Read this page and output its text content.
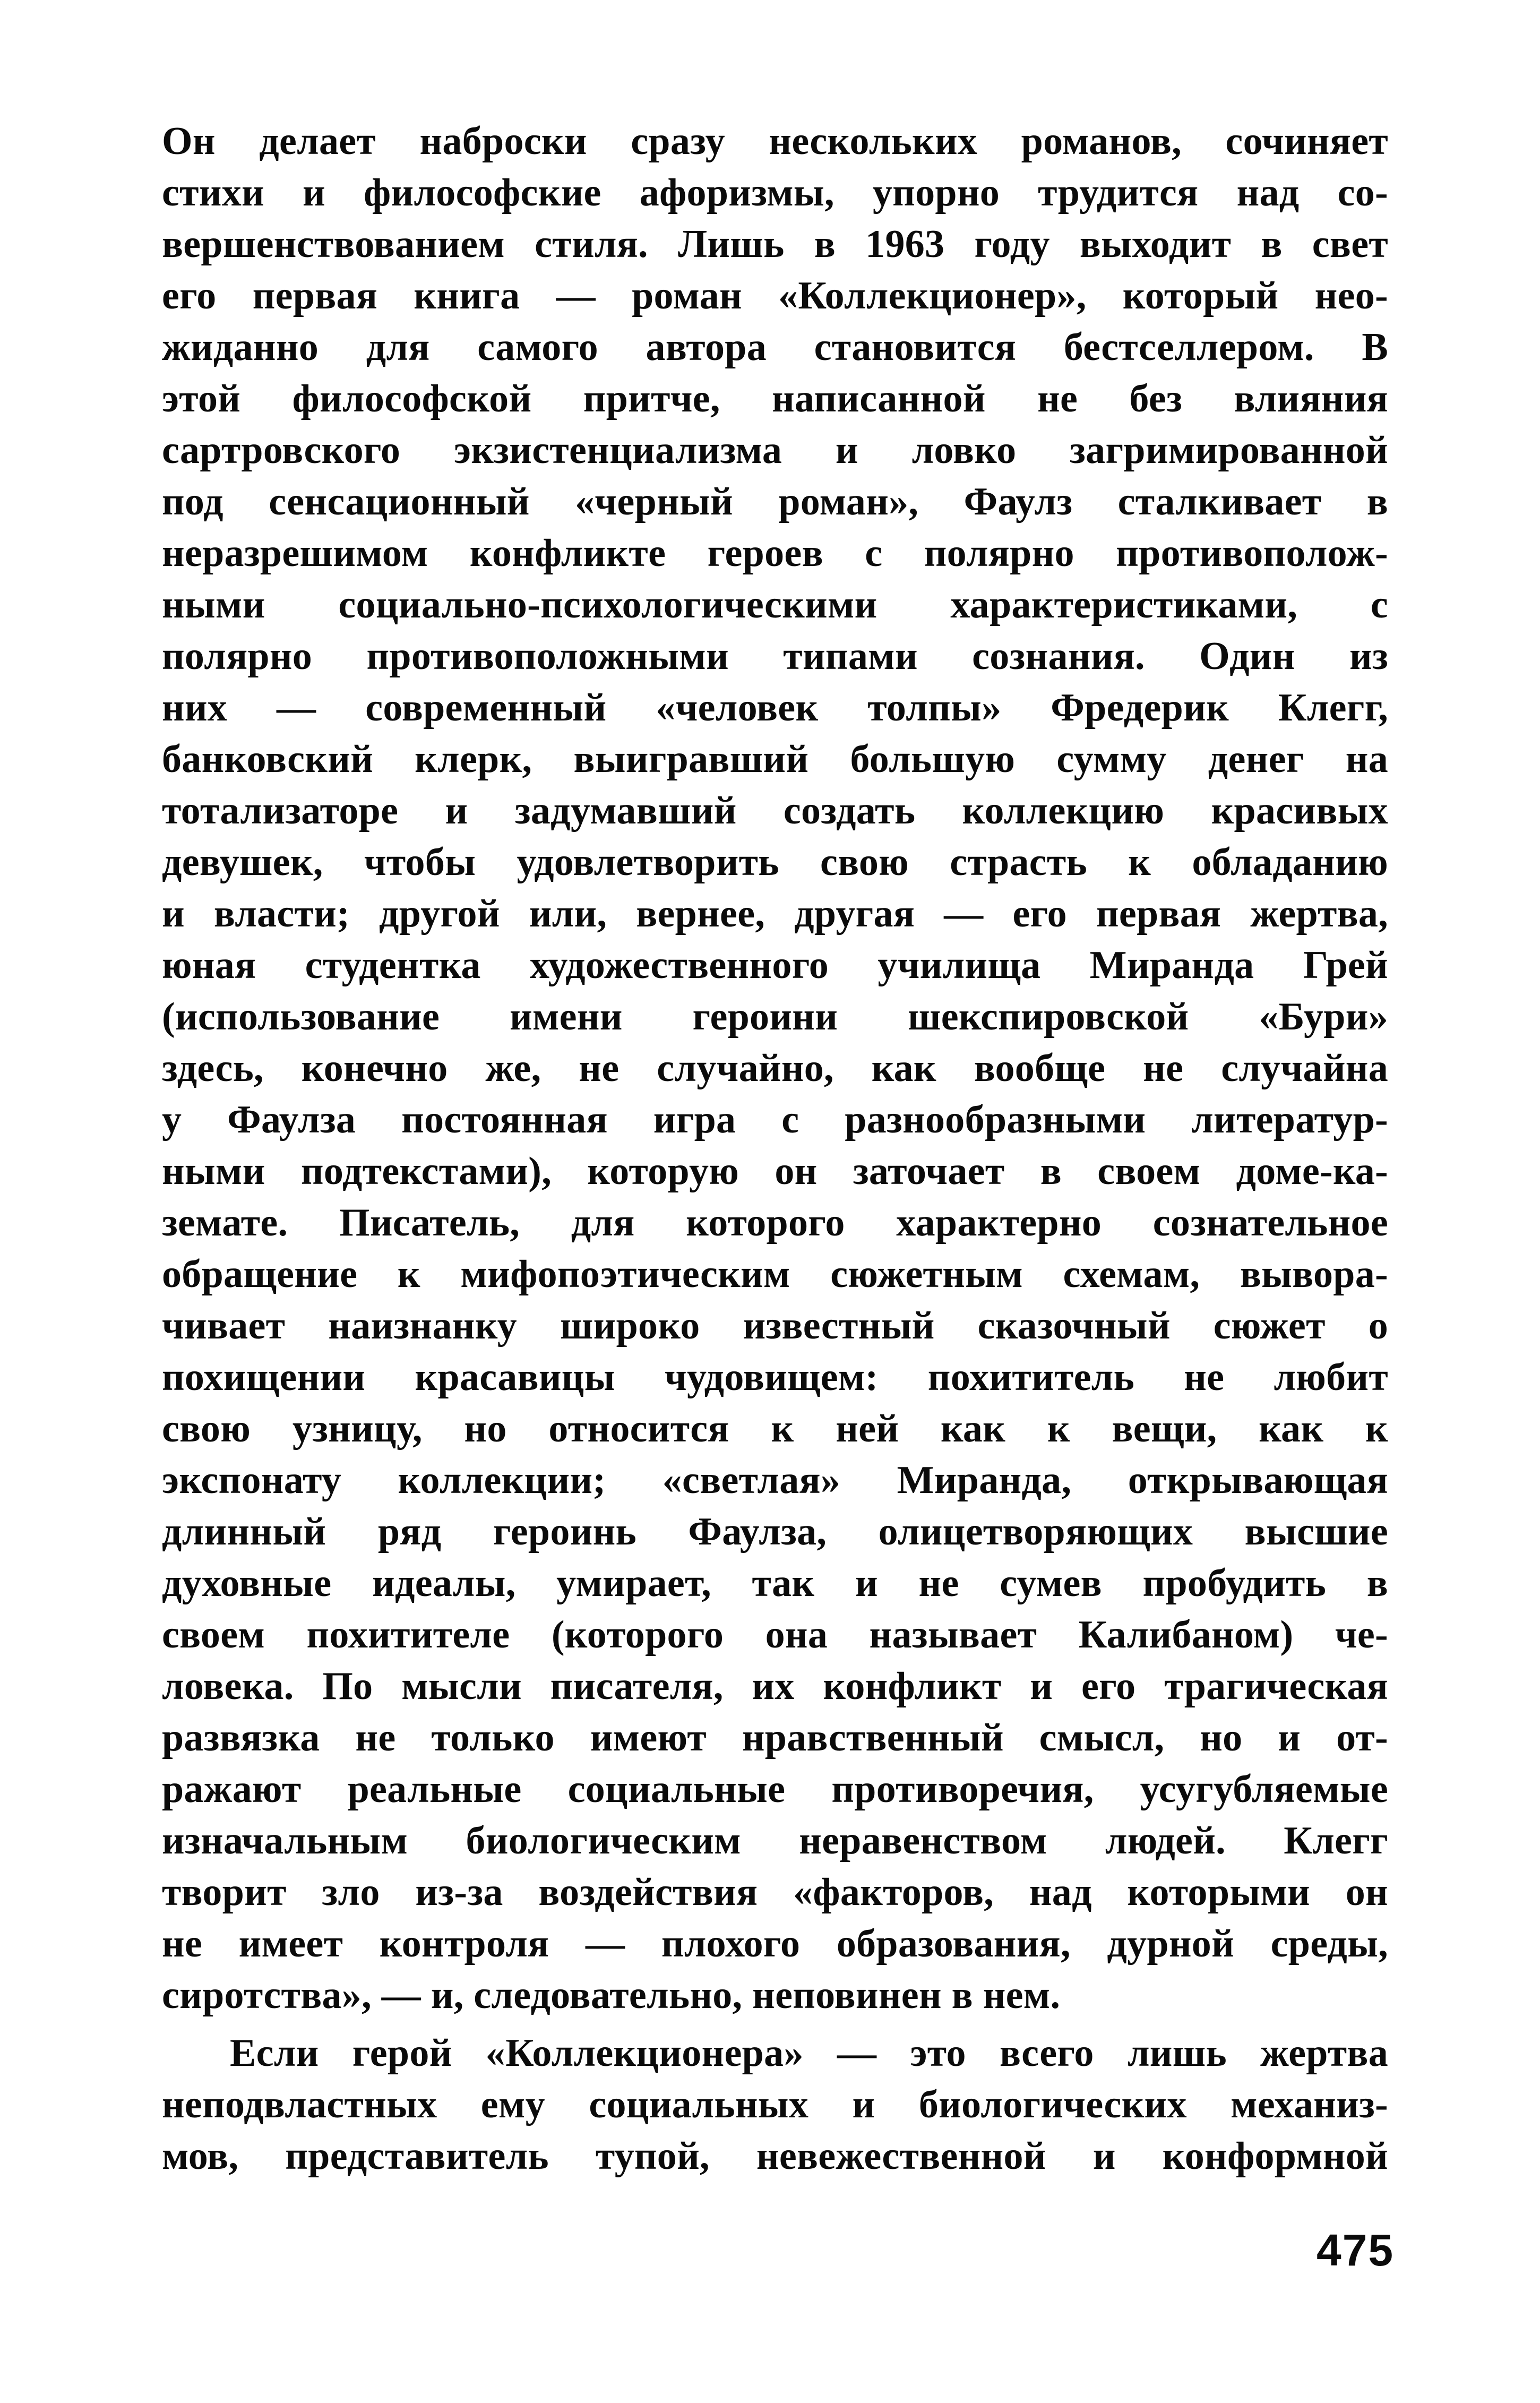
Он делает наброски сразу нескольких романов, сочиняет
стихи и философские афоризмы, упорно трудится над со-
вершенствованием стиля. Лишь в 1963 году выходит в свет
его первая книга — роман «Коллекционер», который нео-
жиданно для самого автора становится бестселлером. В
этой философской притче, написанной не без влияния
сартровского экзистенциализма и ловко загримированной
под сенсационный «черный роман», Фаулз сталкивает в
неразрешимом конфликте героев с полярно противополож-
ными социально-психологическими характеристиками, с
полярно противоположными типами сознания. Один из
них — современный «человек толпы» Фредерик Клегг,
банковский клерк, выигравший большую сумму денег на
тотализаторе и задумавший создать коллекцию красивых
девушек, чтобы удовлетворить свою страсть к обладанию
и власти; другой или, вернее, другая — его первая жертва,
юная студентка художественного училища Миранда Грей
(использование имени героини шекспировской «Бури»
здесь, конечно же, не случайно, как вообще не случайна
у Фаулза постоянная игра с разнообразными литератур-
ными подтекстами), которую он заточает в своем доме-ка-
земате. Писатель, для которого характерно сознательное
обращение к мифопоэтическим сюжетным схемам, вывора-
чивает наизнанку широко известный сказочный сюжет о
похищении красавицы чудовищем: похититель не любит
свою узницу, но относится к ней как к вещи, как к
экспонату коллекции; «светлая» Миранда, открывающая
длинный ряд героинь Фаулза, олицетворяющих высшие
духовные идеалы, умирает, так и не сумев пробудить в
своем похитителе (которого она называет Калибаном) че-
ловека. По мысли писателя, их конфликт и его трагическая
развязка не только имеют нравственный смысл, но и от-
ражают реальные социальные противоречия, усугубляемые
изначальным биологическим неравенством людей. Клегг
творит зло из-за воздействия «факторов, над которыми он
не имеет контроля — плохого образования, дурной среды,
сиротства», — и, следовательно, неповинен в нем.
Если герой «Коллекционера» — это всего лишь жертва
неподвластных ему социальных и биологических механиз-
мов, представитель тупой, невежественной и конформной
475
